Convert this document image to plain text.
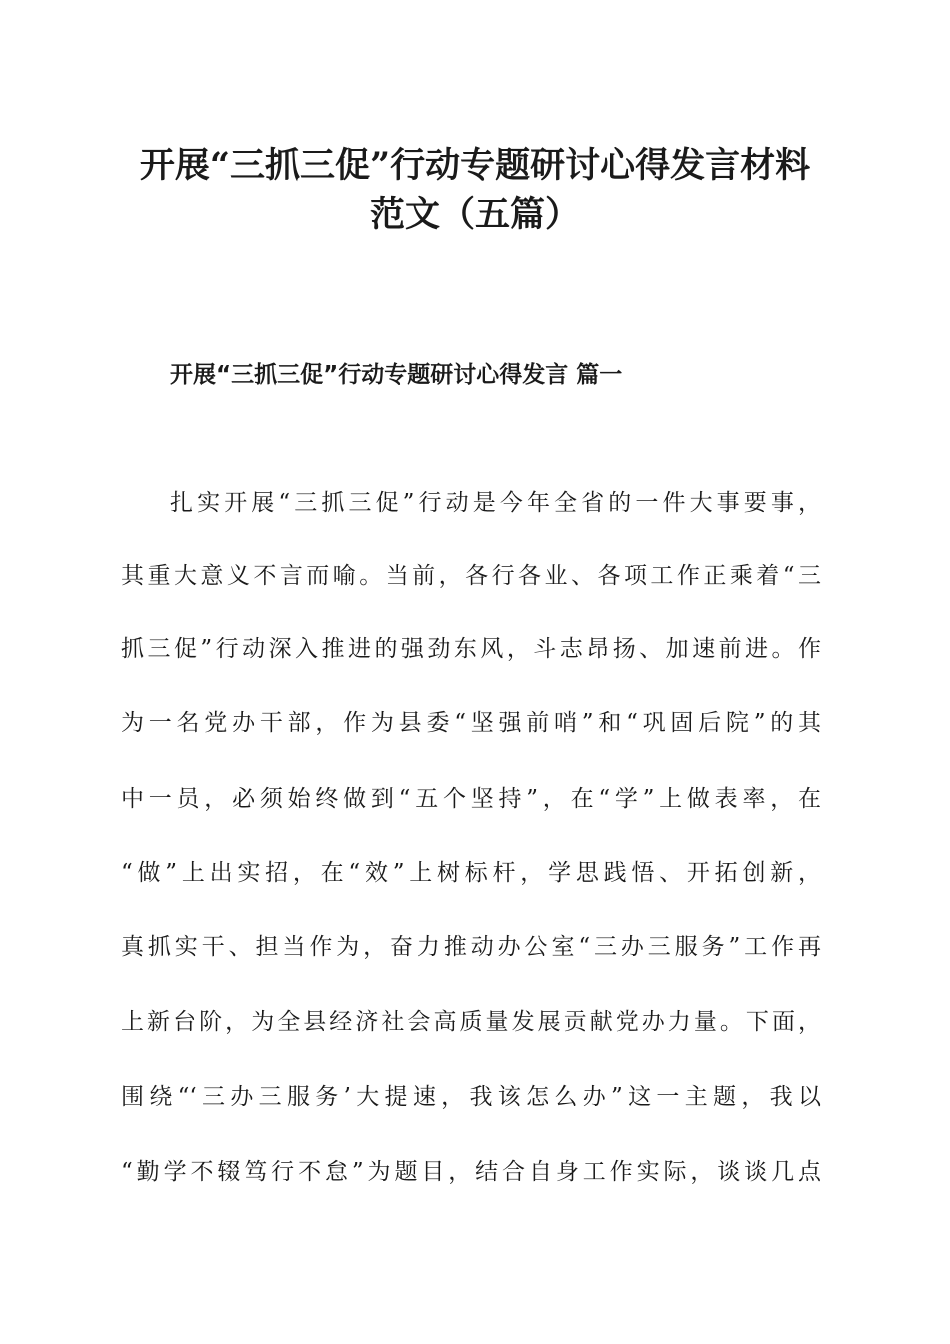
开展“三抓三促”行动专题研讨心得发言材料
范文（五篇）
开展“三抓三促”行动专题研讨心得发言 篇一

扎实开展“三抓三促”行动是今年全省的一件大事要事，

其重大意义不言而喻。当前，各行各业、各项工作正乘着“三

抓三促”行动深入推进的强劲东风，斗志昂扬、加速前进。作

为一名党办干部，作为县委“坚强前哨”和“巩固后院”的其

中一员，必须始终做到“五个坚持”，在“学”上做表率，在

“做”上出实招，在“效”上树标杆，学思践悟、开拓创新，

真抓实干、担当作为，奋力推动办公室“三办三服务”工作再

上新台阶，为全县经济社会高质量发展贡献党办力量。下面，

围绕“‘三办三服务’大提速，我该怎么办”这一主题，我以

“勤学不辍笃行不怠”为题目，结合自身工作实际，谈谈几点
